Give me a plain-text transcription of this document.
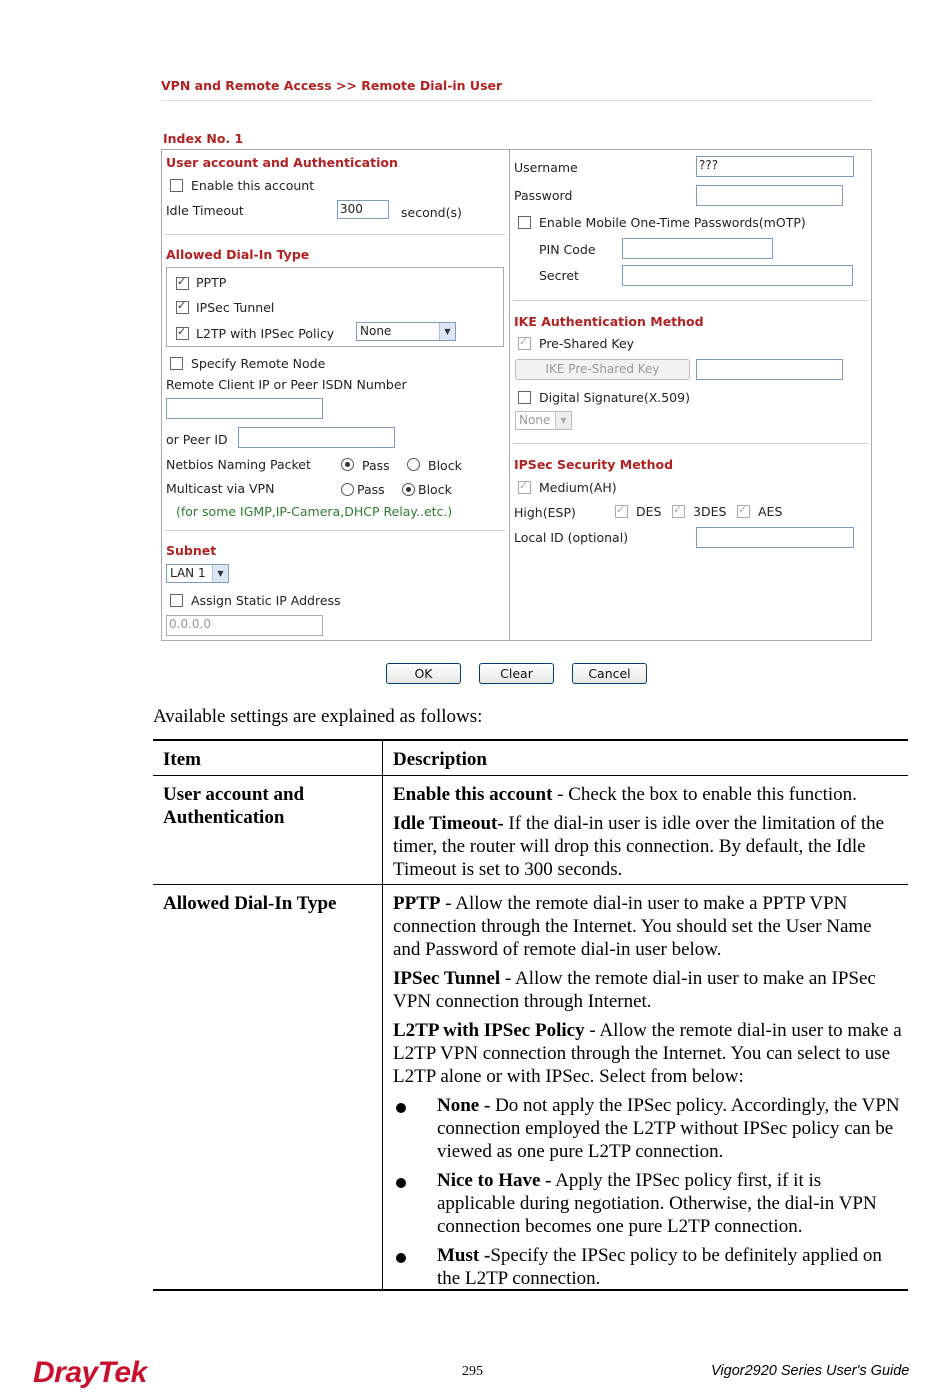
VPN and Remote Access >> Remote Dial-in User
Index No. 1
User account and Authentication
Enable this account
Idle Timeout	300	second(s)
Allowed Dial-In Type
✓
PPTP
✓
IPSec Tunnel
✓
L2TP with IPSec Policy	None	▼
Specify Remote Node
Remote Client IP or Peer ISDN Number
or Peer ID
Netbios Naming Packet	Pass	Block
Multicast via VPN	Pass	Block
(for some IGMP,IP-Camera,DHCP Relay..etc.)
Subnet
LAN 1	▼
Assign Static IP Address
0.0.0.0
Username	???
Password
Enable Mobile One-Time Passwords(mOTP)
PIN Code
Secret
IKE Authentication Method
✓
Pre-Shared Key
IKE Pre-Shared Key
Digital Signature(X.509)
None	▼
IPSec Security Method
✓
Medium(AH)
High(ESP) ✓	DES ✓	3DES ✓	AES
Local ID (optional)
OK	Clear	Cancel
Available settings are explained as follows:
Item	Description
User account and Authentication

Enable this account - Check the box to enable this function.

Idle Timeout- If the dial-in user is idle over the limitation of the timer, the router will drop this connection. By default, the Idle Timeout is set to 300 seconds.

Allowed Dial-In Type	PPTP - Allow the remote dial-in user to make a PPTP VPN connection through the Internet. You should set the User Name and Password of remote dial-in user below.

IPSec Tunnel - Allow the remote dial-in user to make an IPSec VPN connection through Internet.

L2TP with IPSec Policy - Allow the remote dial-in user to make a L2TP VPN connection through the Internet. You can select to use L2TP alone or with IPSec. Select from below:

None - Do not apply the IPSec policy. Accordingly, the VPN connection employed the L2TP without IPSec policy can be viewed as one pure L2TP connection.
Nice to Have - Apply the IPSec policy first, if it is applicable during negotiation. Otherwise, the dial-in VPN connection becomes one pure L2TP connection.
Must -Specify the IPSec policy to be definitely applied on the L2TP connection.
DrayTek	295	Vigor2920 Series User's Guide
